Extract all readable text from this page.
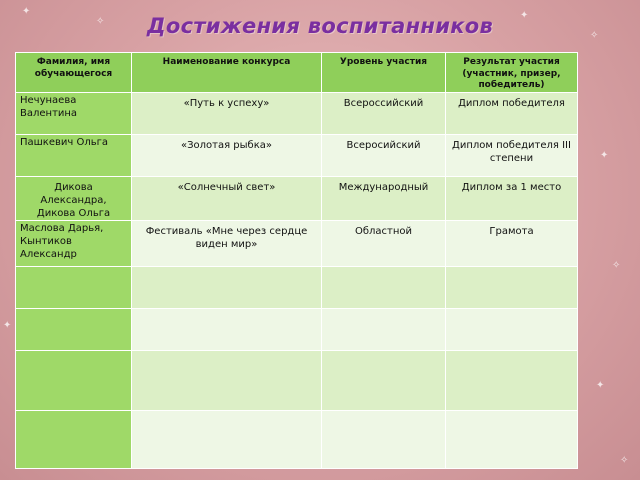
✦
✧
✦
✧
✦
✧
✦
✧
✦
Достижения воспитанников
Фамилия, имя обучающегося	Наименование конкурса	Уровень участия	Результат участия (участник, призер, победитель)
Нечунаева Валентина	«Путь к успеху»	Всероссийский	Диплом победителя
Пашкевич Ольга	«Золотая рыбка»	Всеросийский	Диплом победителя III степени
Дикова Александра, Дикова Ольга	«Солнечный свет»	Международный	Диплом за 1 место
Маслова Дарья, Кынтиков Александр	Фестиваль «Мне через сердце виден мир»	Областной	Грамота
